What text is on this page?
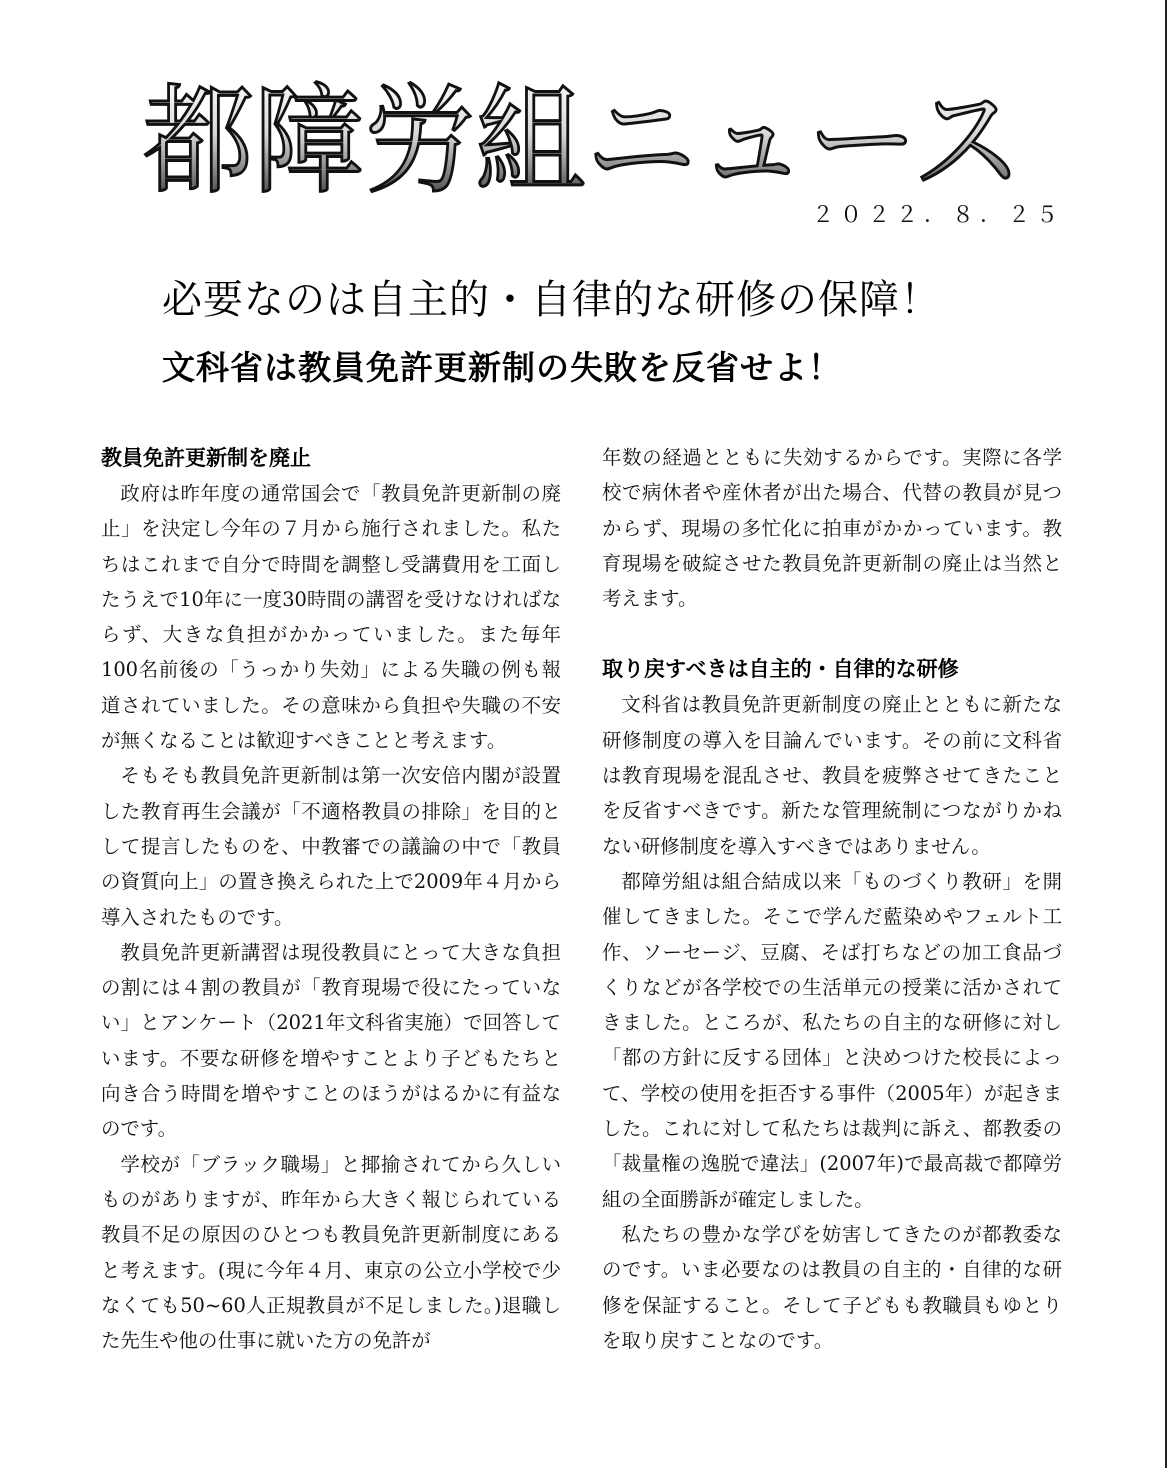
都障労組ニュース
２０２２．８．２５
必要なのは自主的・自律的な研修の保障！
文科省は教員免許更新制の失敗を反省せよ！
教員免許更新制を廃止

政府は昨年度の通常国会で「教員免許更新制の廃止」を決定し今年の７月から施行されました。私たちはこれまで自分で時間を調整し受講費用を工面したうえで10年に一度30時間の講習を受けなければならず、大きな負担がかかっていました。また毎年100名前後の「うっかり失効」による失職の例も報道されていました。その意味から負担や失職の不安が無くなることは歓迎すべきことと考えます。

そもそも教員免許更新制は第一次安倍内閣が設置した教育再生会議が「不適格教員の排除」を目的として提言したものを、中教審での議論の中で「教員の資質向上」の置き換えられた上で2009年４月から導入されたものです。

教員免許更新講習は現役教員にとって大きな負担の割には４割の教員が「教育現場で役にたっていない」とアンケート（2021年文科省実施）で回答しています。不要な研修を増やすことより子どもたちと向き合う時間を増やすことのほうがはるかに有益なのです。

学校が「ブラック職場」と揶揄されてから久しいものがありますが、昨年から大きく報じられている教員不足の原因のひとつも教員免許更新制度にあると考えます。(現に今年４月、東京の公立小学校で少なくても50~60人正規教員が不足しました。)退職した先生や他の仕事に就いた方の免許が

年数の経過とともに失効するからです。実際に各学校で病休者や産休者が出た場合、代替の教員が見つからず、現場の多忙化に拍車がかかっています。教育現場を破綻させた教員免許更新制の廃止は当然と考えます。

取り戻すべきは自主的・自律的な研修

文科省は教員免許更新制度の廃止とともに新たな研修制度の導入を目論んでいます。その前に文科省は教育現場を混乱させ、教員を疲弊させてきたことを反省すべきです。新たな管理統制につながりかねない研修制度を導入すべきではありません。

都障労組は組合結成以来「ものづくり教研」を開催してきました。そこで学んだ藍染めやフェルト工作、ソーセージ、豆腐、そば打ちなどの加工食品づくりなどが各学校での生活単元の授業に活かされてきました。ところが、私たちの自主的な研修に対し「都の方針に反する団体」と決めつけた校長によって、学校の使用を拒否する事件（2005年）が起きました。これに対して私たちは裁判に訴え、都教委の「裁量権の逸脱で違法」(2007年)で最高裁で都障労組の全面勝訴が確定しました。

私たちの豊かな学びを妨害してきたのが都教委なのです。いま必要なのは教員の自主的・自律的な研修を保証すること。そして子どもも教職員もゆとりを取り戻すことなのです。
